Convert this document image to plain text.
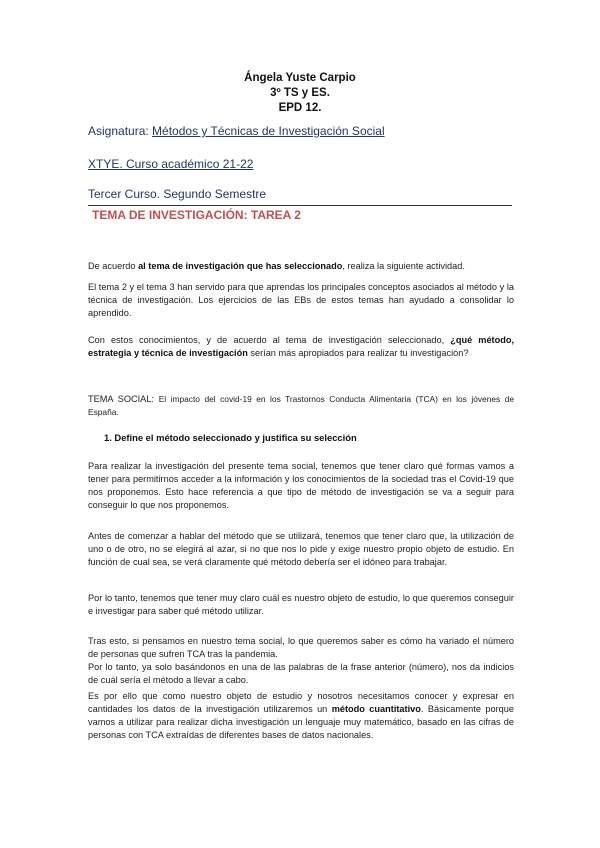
Ángela Yuste Carpio
3º TS y ES.
EPD 12.
Asignatura: Métodos y Técnicas de Investigación Social
XTYE. Curso académico 21-22
Tercer Curso. Segundo Semestre
TEMA DE INVESTIGACIÓN: TAREA 2
De acuerdo al tema de investigación que has seleccionado, realiza la siguiente actividad.
El tema 2 y el tema 3 han servido para que aprendas los principales conceptos asociados al método y la técnica de investigación. Los ejercicios de las EBs de estos temas han ayudado a consolidar lo aprendido.
Con estos conocimientos, y de acuerdo al tema de investigación seleccionado, ¿qué método, estrategia y técnica de investigación serían más apropiados para realizar tu investigación?
TEMA SOCIAL: El impacto del covid-19 en los Trastornos Conducta Alimentaria (TCA) en los jóvenes de España.
1. Define el método seleccionado y justifica su selección
Para realizar la investigación del presente tema social, tenemos que tener claro qué formas vamos a tener para permitirnos acceder a la información y los conocimientos de la sociedad tras el Covid-19 que nos proponemos. Esto hace referencia a que tipo de método de investigación se va a seguir para conseguir lo que nos proponemos.
Antes de comenzar a hablar del método que se utilizará, tenemos que tener claro que, la utilización de uno o de otro, no se elegirá al azar, si no que nos lo pide y exige nuestro propio objeto de estudio. En función de cual sea, se verá claramente qué método debería ser el idóneo para trabajar.
Por lo tanto, tenemos que tener muy claro cuál es nuestro objeto de estudio, lo que queremos conseguir e investigar para saber qué método utilizar.
Tras esto, si pensamos en nuestro tema social, lo que queremos saber es cómo ha variado el número de personas que sufren TCA tras la pandemia.
Por lo tanto, ya solo basándonos en una de las palabras de la frase anterior (número), nos da indicios de cuál sería el método a llevar a cabo.
Es por ello que como nuestro objeto de estudio y nosotros necesitamos conocer y expresar en cantidades los datos de la investigación utilizaremos un método cuantitativo. Básicamente porque vamos a utilizar para realizar dicha investigación un lenguaje muy matemático, basado en las cifras de personas con TCA extraídas de diferentes bases de datos nacionales.
